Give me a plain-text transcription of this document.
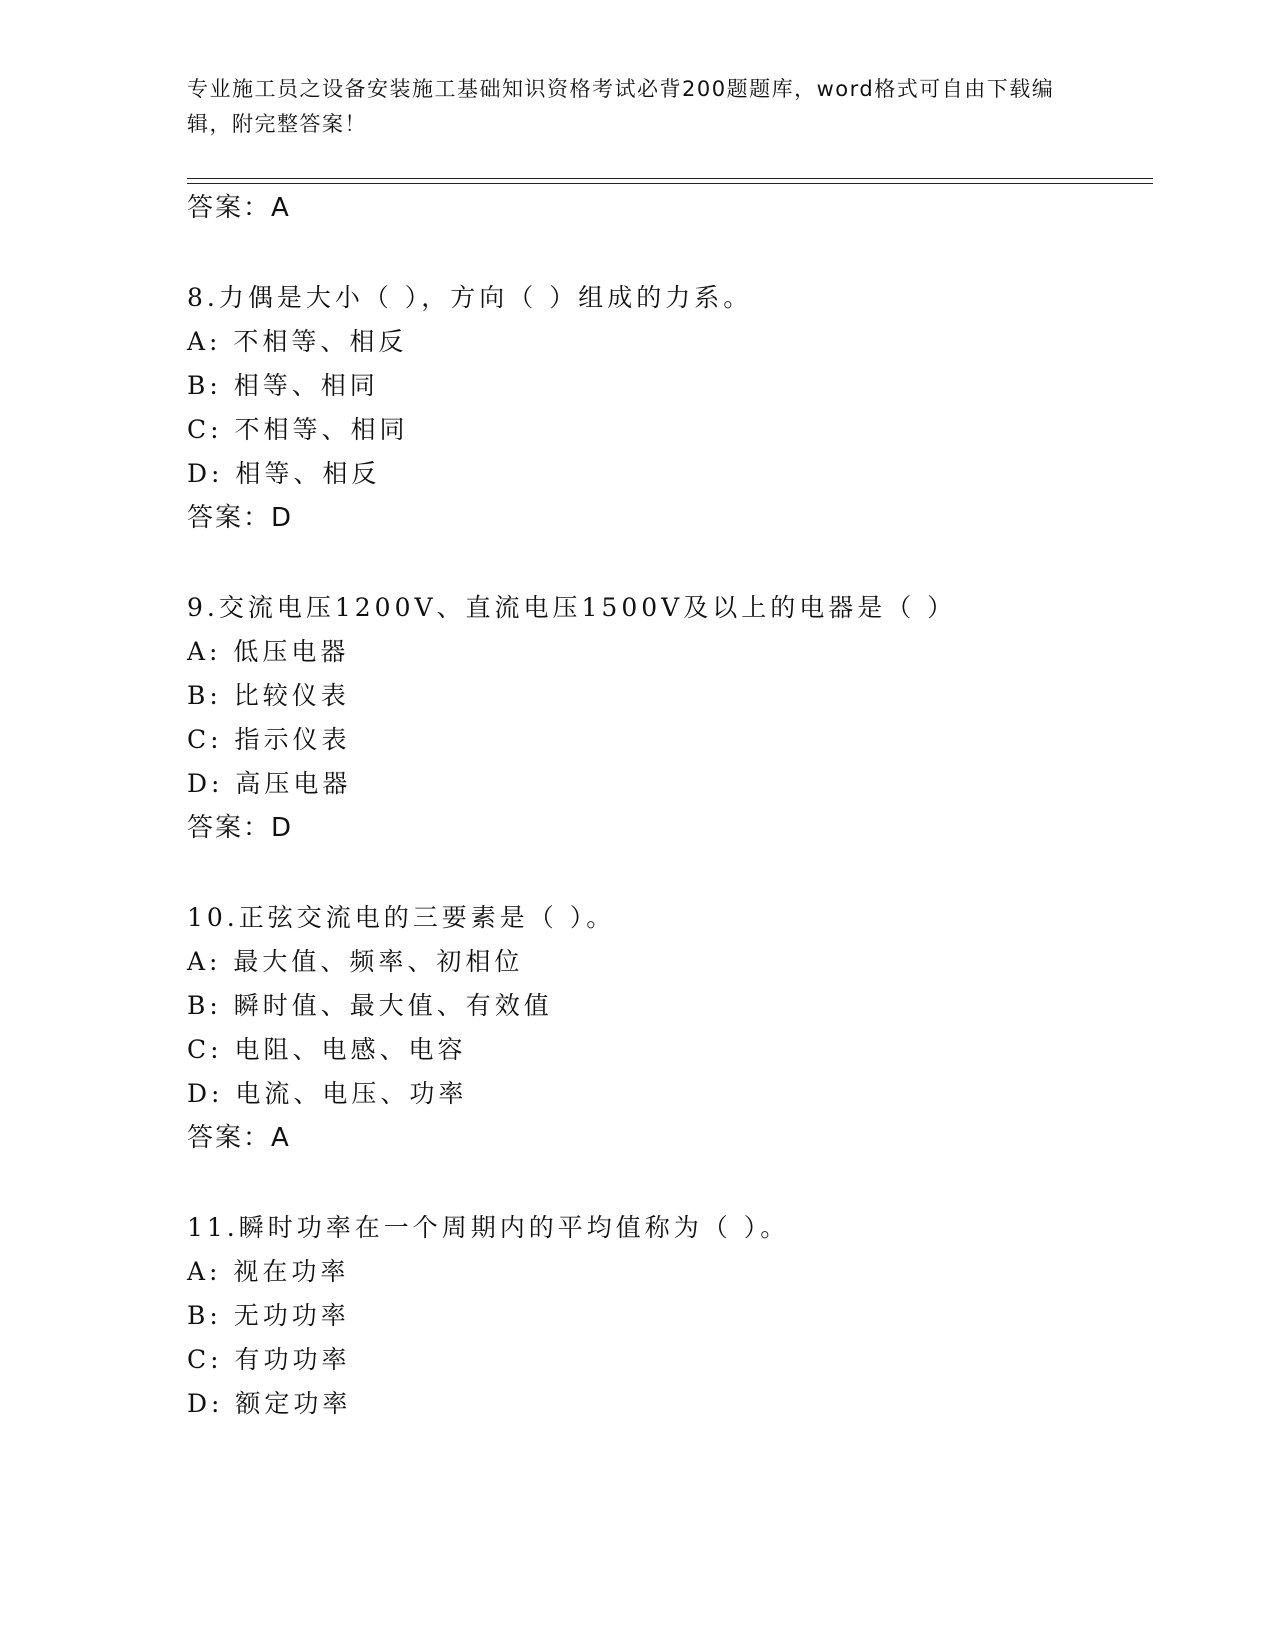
专业施工员之设备安装施工基础知识资格考试必背200题题库，word格式可自由下载编辑，附完整答案！
答案：A
8.力偶是大小（ ），方向（ ）组成的力系。
A: 不相等、相反
B: 相等、相同
C: 不相等、相同
D: 相等、相反
答案：D
9.交流电压1200V、直流电压1500V及以上的电器是（ ）
A: 低压电器
B: 比较仪表
C: 指示仪表
D: 高压电器
答案：D
10.正弦交流电的三要素是（ ）。
A: 最大值、频率、初相位
B: 瞬时值、最大值、有效值
C: 电阻、电感、电容
D: 电流、电压、功率
答案：A
11.瞬时功率在一个周期内的平均值称为（ ）。
A: 视在功率
B: 无功功率
C: 有功功率
D: 额定功率
